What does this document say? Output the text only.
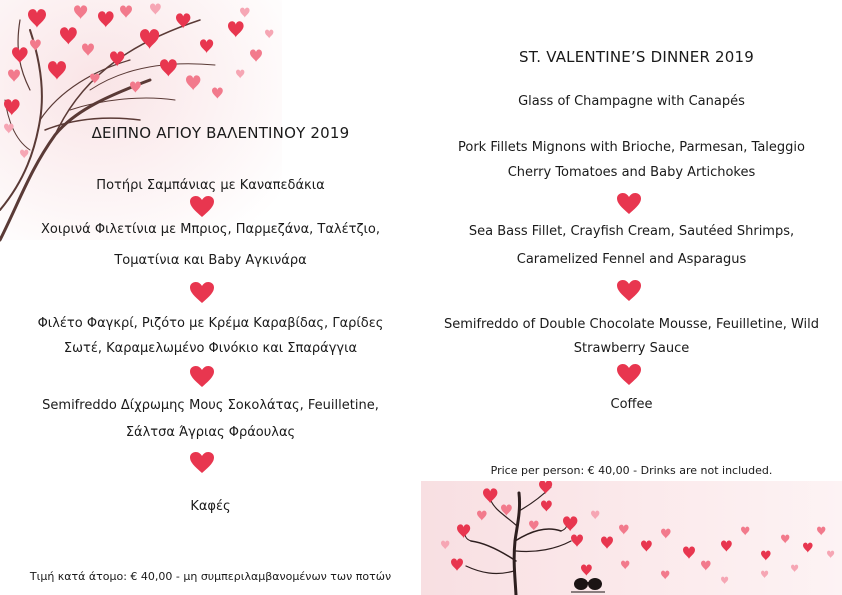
ΔΕΙΠΝΟ ΑΓΙΟΥ ΒΑΛΕΝΤΙΝΟΥ 2019
Ποτήρι Σαμπάνιας με Καναπεδάκια
Χοιρινά Φιλετίνια με Μπριος, Παρμεζάνα, Ταλέτζιο,
Τοματίνια και Baby Αγκινάρα
Φιλέτο Φαγκρί, Ριζότο με Κρέμα Καραβίδας, Γαρίδες
Σωτέ, Καραμελωμένο Φινόκιο και Σπαράγγια
Semifreddo Δίχρωμης Μους Σοκολάτας, Feuilletine,
Σάλτσα Άγριας Φράουλας
Καφές
Τιμή κατά άτομο: € 40,00 - μη συμπεριλαμβανομένων των ποτών
ST. VALENTINE’S DINNER 2019
Glass of Champagne with Canapés
Pork Fillets Mignons with Brioche, Parmesan, Taleggio
Cherry Tomatoes and Baby Artichokes
Sea Bass Fillet, Crayfish Cream, Sautéed Shrimps,
Caramelized Fennel and Asparagus
Semifreddo of Double Chocolate Mousse, Feuilletine, Wild
Strawberry Sauce
Coffee
Price per person: € 40,00 - Drinks are not included.
